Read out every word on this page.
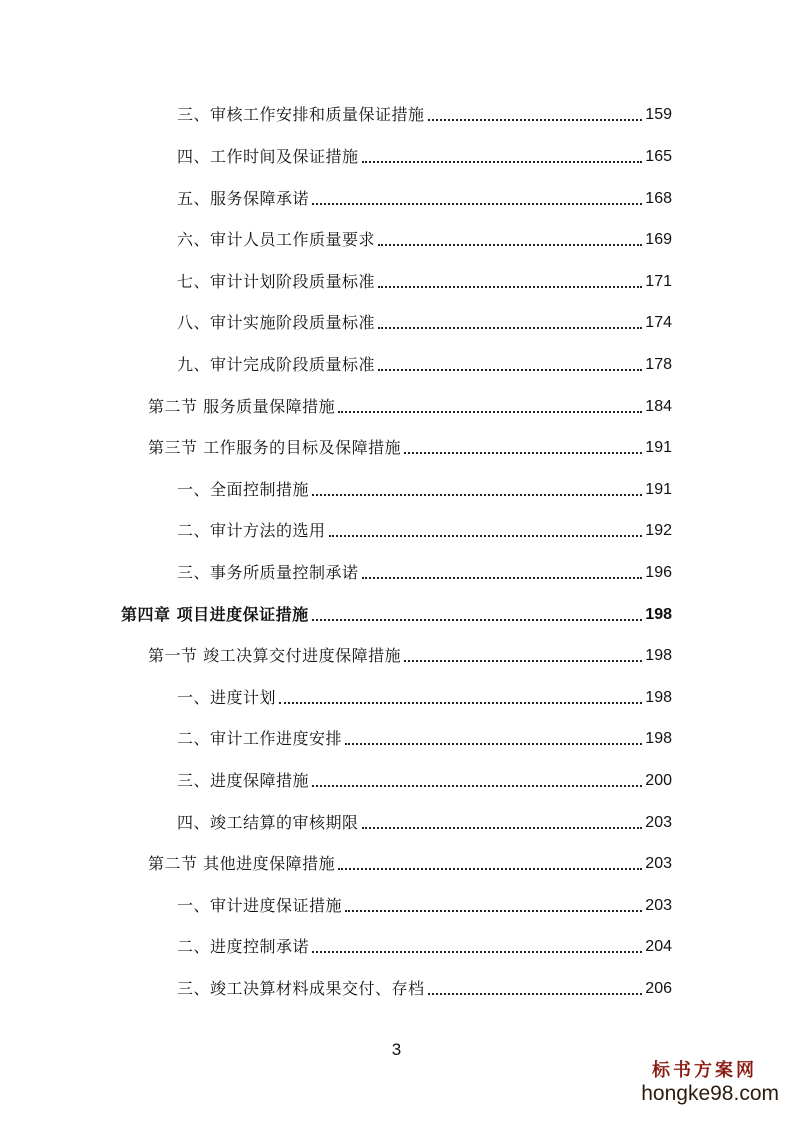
三、审核工作安排和质量保证措施	159
四、工作时间及保证措施	165
五、服务保障承诺	168
六、审计人员工作质量要求	169
七、审计计划阶段质量标准	171
八、审计实施阶段质量标准	174
九、审计完成阶段质量标准	178
第二节 服务质量保障措施	184
第三节 工作服务的目标及保障措施	191
一、全面控制措施	191
二、审计方法的选用	192
三、事务所质量控制承诺	196
第四章 项目进度保证措施	198
第一节 竣工决算交付进度保障措施	198
一、进度计划	198
二、审计工作进度安排	198
三、进度保障措施	200
四、竣工结算的审核期限	203
第二节 其他进度保障措施	203
一、审计进度保证措施	203
二、进度控制承诺	204
三、竣工决算材料成果交付、存档	206
3
标书方案网
hongke98.com
